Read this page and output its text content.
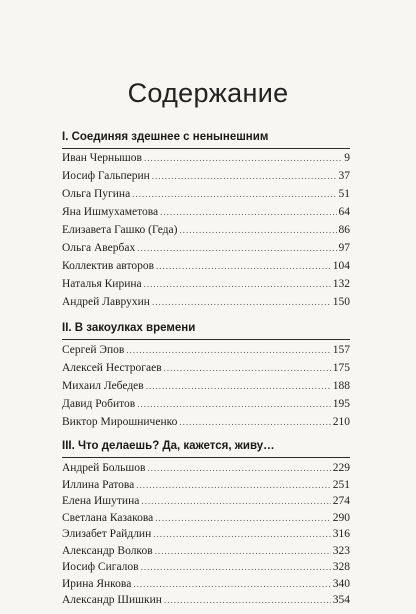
Содержание
I. Соединяя здешнее с ненынешним
Иван Чернышов .....	9
Иосиф Гальперин .....	37
Ольга Пугина .....	51
Яна Ишмухаметова .....	64
Елизавета Гашко (Геда) .....	86
Ольга Авербах .....	97
Коллектив авторов .....	104
Наталья Кирина .....	132
Андрей Лаврухин .....	150
II. В закоулках времени
Сергей Эпов .....	157
Алексей Нестрогаев .....	175
Михаил Лебедев .....	188
Давид Робитов .....	195
Виктор Мирошниченко .....	210
III. Что делаешь? Да, кажется, живу…
Андрей Большов .....	229
Иллина Ратова .....	251
Елена Ишутина .....	274
Светлана Казакова .....	290
Элизабет Райдлин .....	316
Александр Волков .....	323
Иосиф Сигалов .....	328
Ирина Янкова .....	340
Александр Шишкин .....	354
